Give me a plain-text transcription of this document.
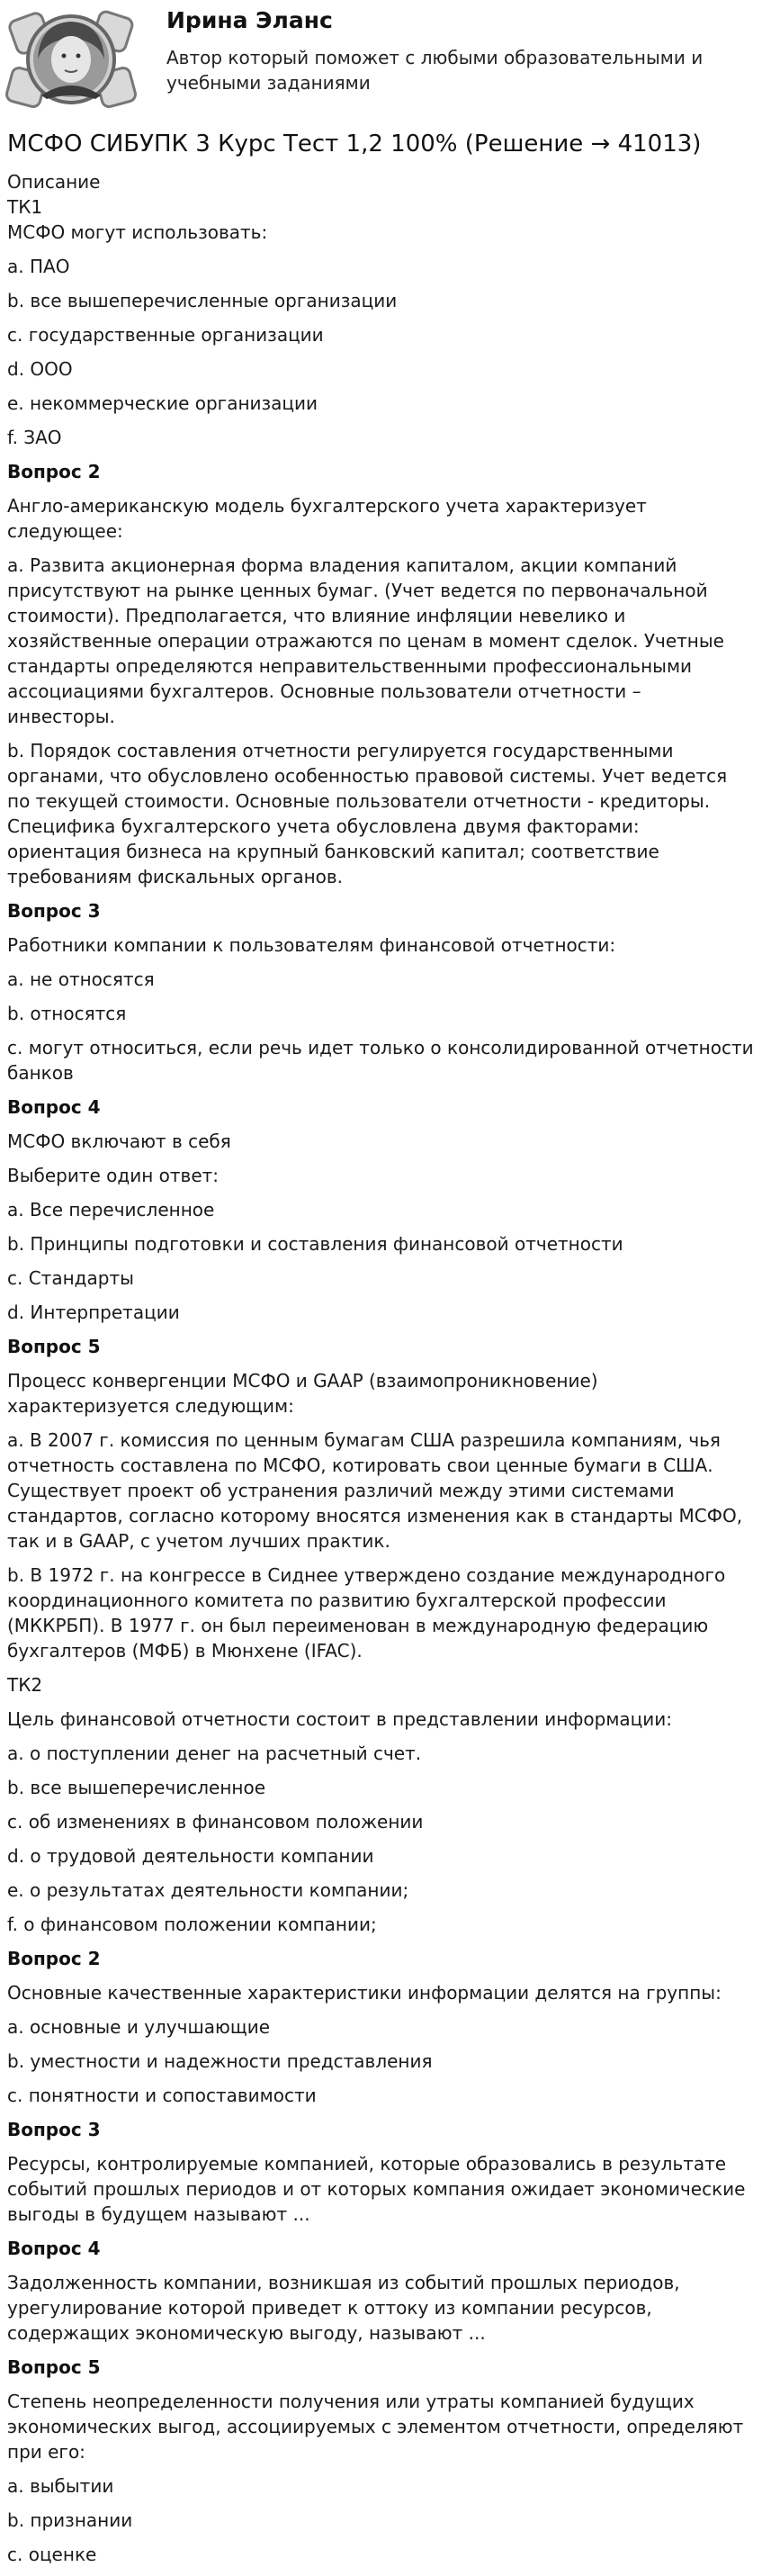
Ирина Эланс
Автор который поможет с любыми образовательными и учебными заданиями
МСФО СИБУПК 3 Курс Тест 1,2 100% (Решение → 41013)
Описание
ТК1
МСФО могут использовать:
a. ПАО
b. все вышеперечисленные организации
c. государственные организации
d. ООО
e. некоммерческие организации
f. ЗАО
Вопрос 2
Англо-американскую модель бухгалтерского учета характеризует следующее:
a. Развита акционерная форма владения капиталом, акции компаний присутствуют на рынке ценных бумаг. (Учет ведется по первоначальной стоимости). Предполагается, что влияние инфляции невелико и хозяйственные операции отражаются по ценам в момент сделок. Учетные стандарты определяются неправительственными профессиональными ассоциациями бухгалтеров. Основные пользователи отчетности – инвесторы.
b. Порядок составления отчетности регулируется государственными органами, что обусловлено особенностью правовой системы. Учет ведется по текущей стоимости. Основные пользователи отчетности - кредиторы. Специфика бухгалтерского учета обусловлена двумя факторами: ориентация бизнеса на крупный банковский капитал; соответствие требованиям фискальных органов.
Вопрос 3
Работники компании к пользователям финансовой отчетности:
a. не относятся
b. относятся
c. могут относиться, если речь идет только о консолидированной отчетности банков
Вопрос 4
МСФО включают в себя
Выберите один ответ:
a. Все перечисленное
b. Принципы подготовки и составления финансовой отчетности
c. Стандарты
d. Интерпретации
Вопрос 5
Процесс конвергенции МСФО и GAAP (взаимопроникновение) характеризуется следующим:
a. В 2007 г. комиссия по ценным бумагам США разрешила компаниям, чья отчетность составлена по МСФО, котировать свои ценные бумаги в США. Существует проект об устранения различий между этими системами стандартов, согласно которому вносятся изменения как в стандарты МСФО, так и в GAAP, с учетом лучших практик.
b. В 1972 г. на конгрессе в Сиднее утверждено создание международного координационного комитета по развитию бухгалтерской профессии (МККРБП). В 1977 г. он был переименован в международную федерацию бухгалтеров (МФБ) в Мюнхене (IFAC).
ТК2
Цель финансовой отчетности состоит в представлении информации:
a. о поступлении денег на расчетный счет.
b. все вышеперечисленное
c. об изменениях в финансовом положении
d. о трудовой деятельности компании
e. о результатах деятельности компании;
f. о финансовом положении компании;
Вопрос 2
Основные качественные характеристики информации делятся на группы:
a. основные и улучшающие
b. уместности и надежности представления
c. понятности и сопоставимости
Вопрос 3
Ресурсы, контролируемые компанией, которые образовались в результате событий прошлых периодов и от которых компания ожидает экономические выгоды в будущем называют ...
Вопрос 4
Задолженность компании, возникшая из событий прошлых периодов, урегулирование которой приведет к оттоку из компании ресурсов, содержащих экономическую выгоду, называют ...
Вопрос 5
Степень неопределенности получения или утраты компанией будущих экономических выгод, ассоциируемых с элементом отчетности, определяют при его:
a. выбытии
b. признании
c. оценке
